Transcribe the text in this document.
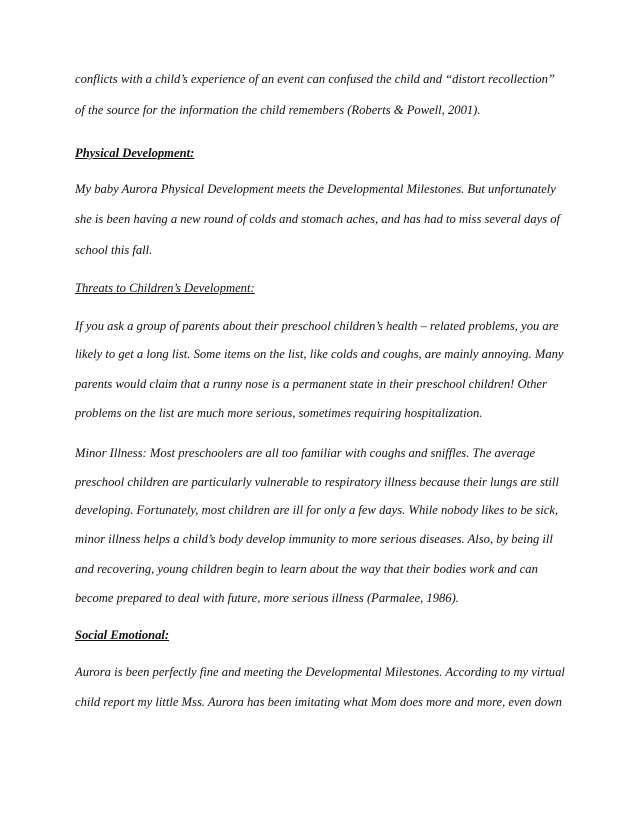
conflicts with a child’s experience of an event can confused the child and “distort recollection”
of the source for the information the child remembers (Roberts & Powell, 2001).
Physical Development:
My baby Aurora Physical Development meets the Developmental Milestones. But unfortunately
she is been having a new round of colds and stomach aches, and has had to miss several days of
school this fall.
Threats to Children’s Development:
If you ask a group of parents about their preschool children’s health – related problems, you are
likely to get a long list. Some items on the list, like colds and coughs, are mainly annoying. Many
parents would claim that a runny nose is a permanent state in their preschool children! Other
problems on the list are much more serious, sometimes requiring hospitalization.
Minor Illness: Most preschoolers are all too familiar with coughs and sniffles. The average
preschool children are particularly vulnerable to respiratory illness because their lungs are still
developing. Fortunately, most children are ill for only a few days. While nobody likes to be sick,
minor illness helps a child’s body develop immunity to more serious diseases. Also, by being ill
and recovering, young children begin to learn about the way that their bodies work and can
become prepared to deal with future, more serious illness (Parmalee, 1986).
Social Emotional:
Aurora is been perfectly fine and meeting the Developmental Milestones. According to my virtual
child report my little Mss. Aurora has been imitating what Mom does more and more, even down
